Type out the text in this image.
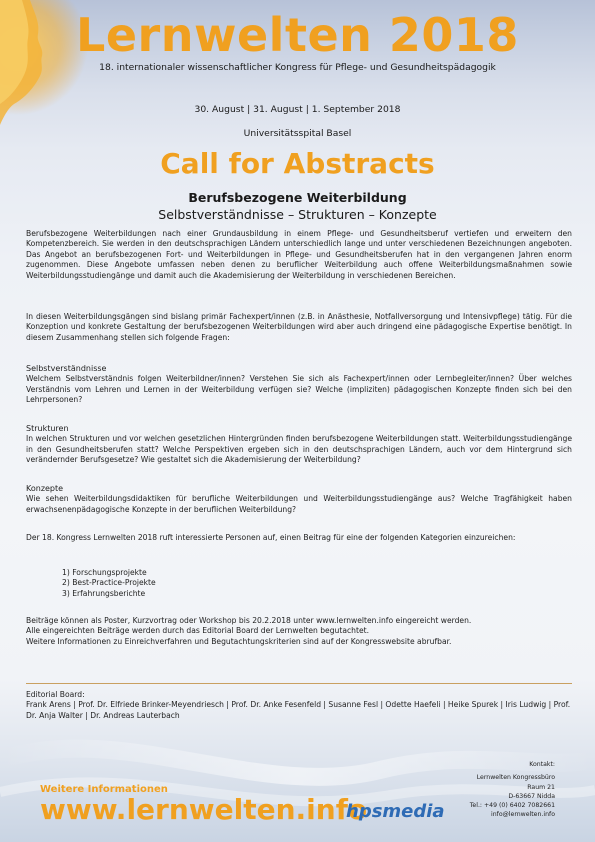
Lernwelten 2018
18. internationaler wissenschaftlicher Kongress für Pflege- und Gesundheitspädagogik
30. August | 31. August | 1. September 2018
Universitätsspital Basel
Call for Abstracts
Berufsbezogene Weiterbildung
Selbstverständnisse – Strukturen – Konzepte

Berufsbezogene Weiterbildungen nach einer Grundausbildung in einem Pflege- und Gesundheitsberuf vertiefen und erweitern den Kompetenzbereich. Sie werden in den deutschsprachigen Ländern unterschiedlich lange und unter verschiedenen Bezeichnungen angeboten. Das Angebot an berufsbezogenen Fort- und Weiterbildungen in Pflege- und Gesundheitsberufen hat in den vergangenen Jahren enorm zugenommen. Diese Angebote umfassen neben denen zu beruflicher Weiterbildung auch offene Weiterbildungsmaßnahmen sowie Weiterbildungsstudiengänge und damit auch die Akademisierung der Weiterbildung in verschiedenen Bereichen.

In diesen Weiterbildungsgängen sind bislang primär Fachexpert/innen (z.B. in Anästhesie, Notfallversorgung und Intensivpflege) tätig. Für die Konzeption und konkrete Gestaltung der berufsbezogenen Weiterbildungen wird aber auch dringend eine pädagogische Expertise benötigt. In diesem Zusammenhang stellen sich folgende Fragen:

Selbstverständnisse

Welchem Selbstverständnis folgen Weiterbildner/innen? Verstehen Sie sich als Fachexpert/innen oder Lernbegleiter/innen? Über welches Verständnis vom Lehren und Lernen in der Weiterbildung verfügen sie? Welche (impliziten) pädagogischen Konzepte finden sich bei den Lehrpersonen?

Strukturen

In welchen Strukturen und vor welchen gesetzlichen Hintergründen finden berufsbezogene Weiterbildungen statt. Weiterbildungsstudiengänge in den Gesundheitsberufen statt? Welche Perspektiven ergeben sich in den deutschsprachigen Ländern, auch vor dem Hintergrund sich verändernder Berufsgesetze? Wie gestaltet sich die Akademisierung der Weiterbildung?

Konzepte

Wie sehen Weiterbildungsdidaktiken für berufliche Weiterbildungen und Weiterbildungsstudiengänge aus? Welche Tragfähigkeit haben erwachsenenpädagogische Konzepte in der beruflichen Weiterbildung?

Der 18. Kongress Lernwelten 2018 ruft interessierte Personen auf, einen Beitrag für eine der folgenden Kategorien einzureichen:

1) Forschungsprojekte

2) Best-Practice-Projekte

3) Erfahrungsberichte

Beiträge können als Poster, Kurzvortrag oder Workshop bis 20.2.2018 unter www.lernwelten.info eingereicht werden.

Alle eingereichten Beiträge werden durch das Editorial Board der Lernwelten begutachtet.

Weitere Informationen zu Einreichverfahren und Begutachtungskriterien sind auf der Kongresswebsite abrufbar.

Editorial Board:
Frank Arens | Prof. Dr. Elfriede Brinker-Meyendriesch | Prof. Dr. Anke Fesenfeld | Susanne Fesl | Odette Haefeli | Heike Spurek | Iris Ludwig | Prof. Dr. Anja Walter | Dr. Andreas Lauterbach
Weitere Informationen
www.lernwelten.info
hpsmedia
Kontakt:
Lernwelten Kongressbüro
Raum 21
D-63667 Nidda
Tel.: +49 (0) 6402 7082661
info@lernwelten.info
